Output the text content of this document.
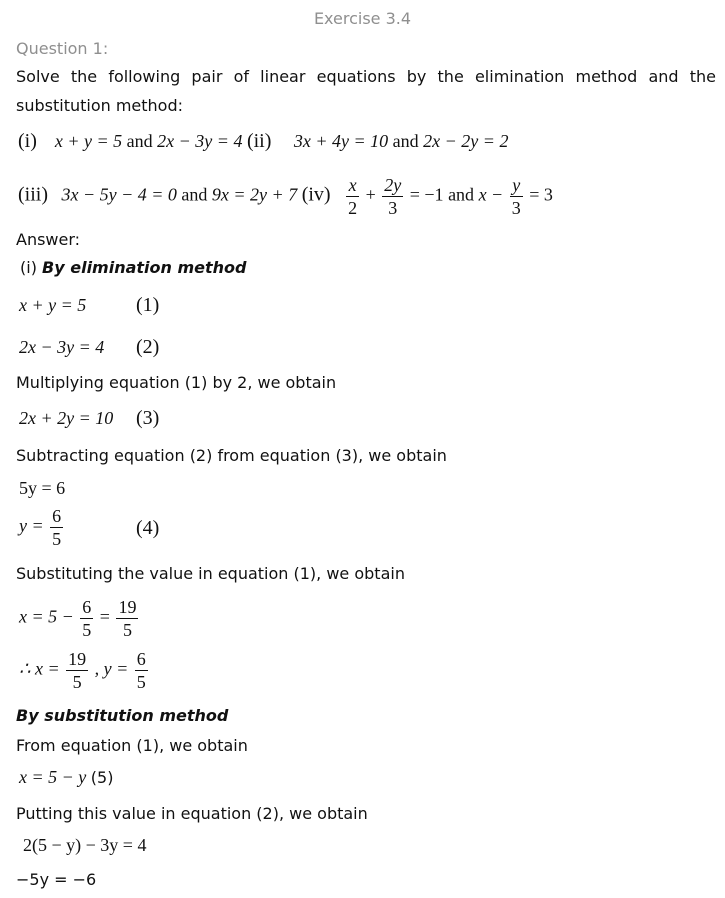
Exercise 3.4
Question 1:
Solve the following pair of linear equations by the elimination method and the substitution method:
(i) x + y = 5 and 2x − 3y = 4 (ii) 3x + 4y = 10 and 2x − 2y = 2
(iii) 3x − 5y − 4 = 0 and 9x = 2y + 7 $(iv) \frac{x}{2} + \frac{2y}{3} = -1$ and $x - \frac{y}{3} = 3$
Answer:
(i) By elimination method
x + y = 5 (1)
2x − 3y = 4 (2)
Multiplying equation (1) by 2, we obtain
2x + 2y = 10 (3)
Subtracting equation (2) from equation (3), we obtain
5y = 6
$y = \frac{6}{5}$	(4)
Substituting the value in equation (1), we obtain
$x = 5 - \frac{6}{5} = \frac{19}{5}$
∴ $x = \frac{19}{5}$ , $y = \frac{6}{5}$
By substitution method
From equation (1), we obtain
x = 5 − y (5)
Putting this value in equation (2), we obtain
2(5 − y) − 3y = 4
−5y = −6
